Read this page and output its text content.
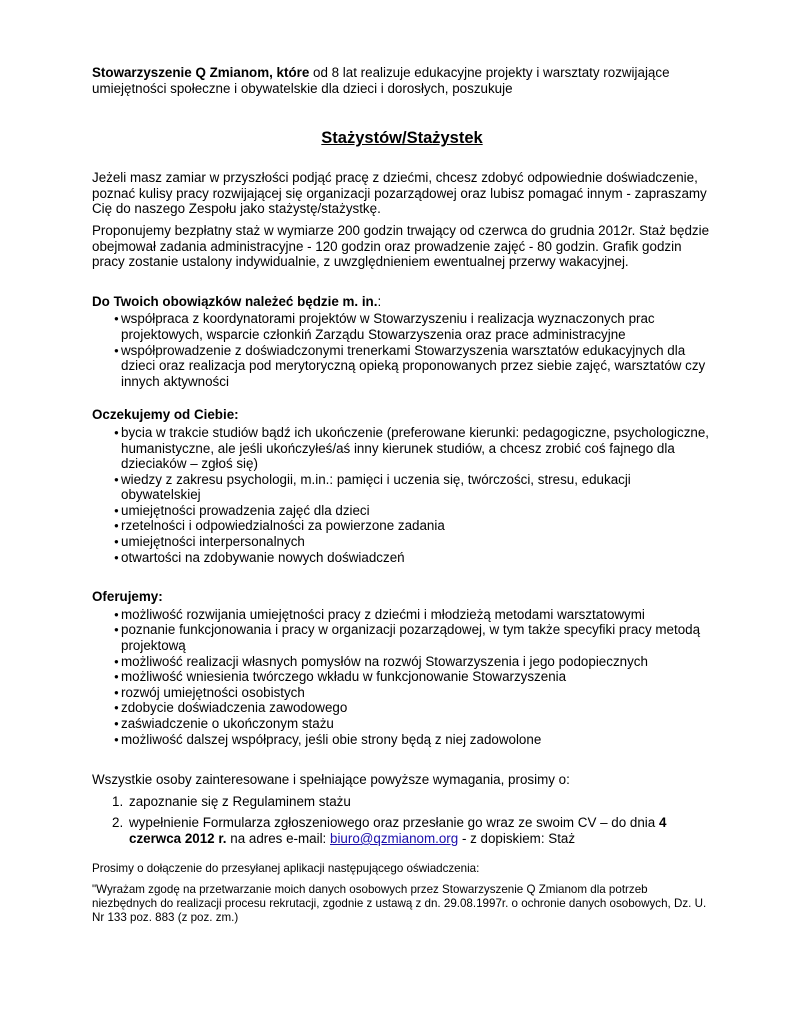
Stowarzyszenie Q Zmianom, które od 8 lat realizuje edukacyjne projekty i warsztaty rozwijające umiejętności społeczne i obywatelskie dla dzieci i dorosłych, poszukuje

Stażystów/Stażystek

Jeżeli masz zamiar w przyszłości podjąć pracę z dziećmi, chcesz zdobyć odpowiednie doświadczenie, poznać kulisy pracy rozwijającej się organizacji pozarządowej oraz lubisz pomagać innym - zapraszamy Cię do naszego Zespołu jako stażystę/stażystkę.

Proponujemy bezpłatny staż w wymiarze 200 godzin trwający od czerwca do grudnia 2012r. Staż będzie obejmował zadania administracyjne - 120 godzin oraz prowadzenie zajęć - 80 godzin. Grafik godzin pracy zostanie ustalony indywidualnie, z uwzględnieniem ewentualnej przerwy wakacyjnej.

Do Twoich obowiązków należeć będzie m. in.:

współpraca z koordynatorami projektów w Stowarzyszeniu i realizacja wyznaczonych prac projektowych, wsparcie członkiń Zarządu Stowarzyszenia oraz prace administracyjne
współprowadzenie z doświadczonymi trenerkami Stowarzyszenia warsztatów edukacyjnych dla dzieci oraz realizacja pod merytoryczną opieką proponowanych przez siebie zajęć, warsztatów czy innych aktywności

Oczekujemy od Ciebie:

bycia w trakcie studiów bądź ich ukończenie (preferowane kierunki: pedagogiczne, psychologiczne, humanistyczne, ale jeśli ukończyłeś/aś inny kierunek studiów, a chcesz zrobić coś fajnego dla dzieciaków – zgłoś się)
wiedzy z zakresu psychologii, m.in.: pamięci i uczenia się, twórczości, stresu, edukacji obywatelskiej
umiejętności prowadzenia zajęć dla dzieci
rzetelności i odpowiedzialności za powierzone zadania
umiejętności interpersonalnych
otwartości na zdobywanie nowych doświadczeń

Oferujemy:

możliwość rozwijania umiejętności pracy z dziećmi i młodzieżą metodami warsztatowymi
poznanie funkcjonowania i pracy w organizacji pozarządowej, w tym także specyfiki pracy metodą projektową
możliwość realizacji własnych pomysłów na rozwój Stowarzyszenia i jego podopiecznych
możliwość wniesienia twórczego wkładu w funkcjonowanie Stowarzyszenia
rozwój umiejętności osobistych
zdobycie doświadczenia zawodowego
zaświadczenie o ukończonym stażu
możliwość dalszej współpracy, jeśli obie strony będą z niej zadowolone

Wszystkie osoby zainteresowane i spełniające powyższe wymagania, prosimy o:

1. zapoznanie się z Regulaminem stażu
2. wypełnienie Formularza zgłoszeniowego oraz przesłanie go wraz ze swoim CV – do dnia 4 czerwca 2012 r. na adres e-mail: biuro@qzmianom.org - z dopiskiem: Staż

Prosimy o dołączenie do przesyłanej aplikacji następującego oświadczenia:

"Wyrażam zgodę na przetwarzanie moich danych osobowych przez Stowarzyszenie Q Zmianom dla potrzeb niezbędnych do realizacji procesu rekrutacji, zgodnie z ustawą z dn. 29.08.1997r. o ochronie danych osobowych, Dz. U. Nr 133 poz. 883 (z poz. zm.)
